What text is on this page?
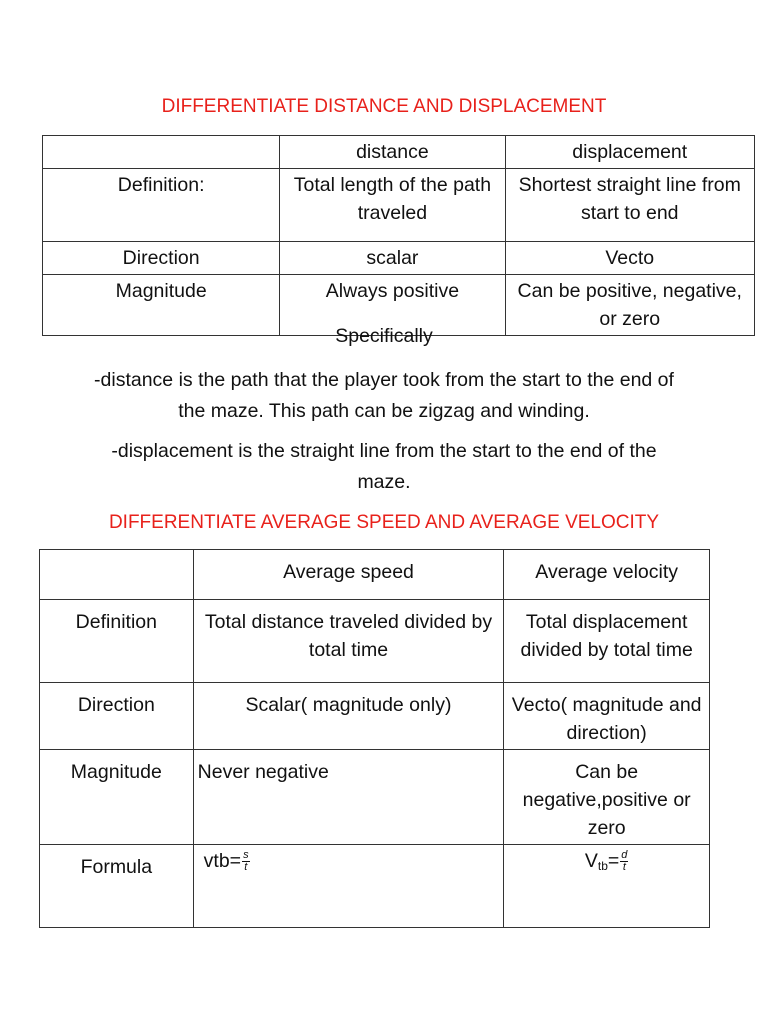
DIFFERENTIATE DISTANCE AND DISPLACEMENT
	distance	displacement
Definition:	Total length of the path traveled	Shortest straight line from start to end
Direction	scalar	Vecto
Magnitude	Always positive	Can be positive, negative, or zero
Specifically
-distance is the path that the player took from the start to the end of the maze. This path can be zigzag and winding.
-displacement is the straight line from the start to the end of the maze.
DIFFERENTIATE AVERAGE SPEED AND AVERAGE VELOCITY
	Average speed	Average velocity
Definition	Total distance traveled divided by total time	Total displacement divided by total time
Direction	Scalar( magnitude only)	Vecto( magnitude and direction)
Magnitude	Never negative	Can be negative,positive or zero
Formula	$vtb= \frac{s}{t}$	$V_{tb}= \frac{d}{t}$
